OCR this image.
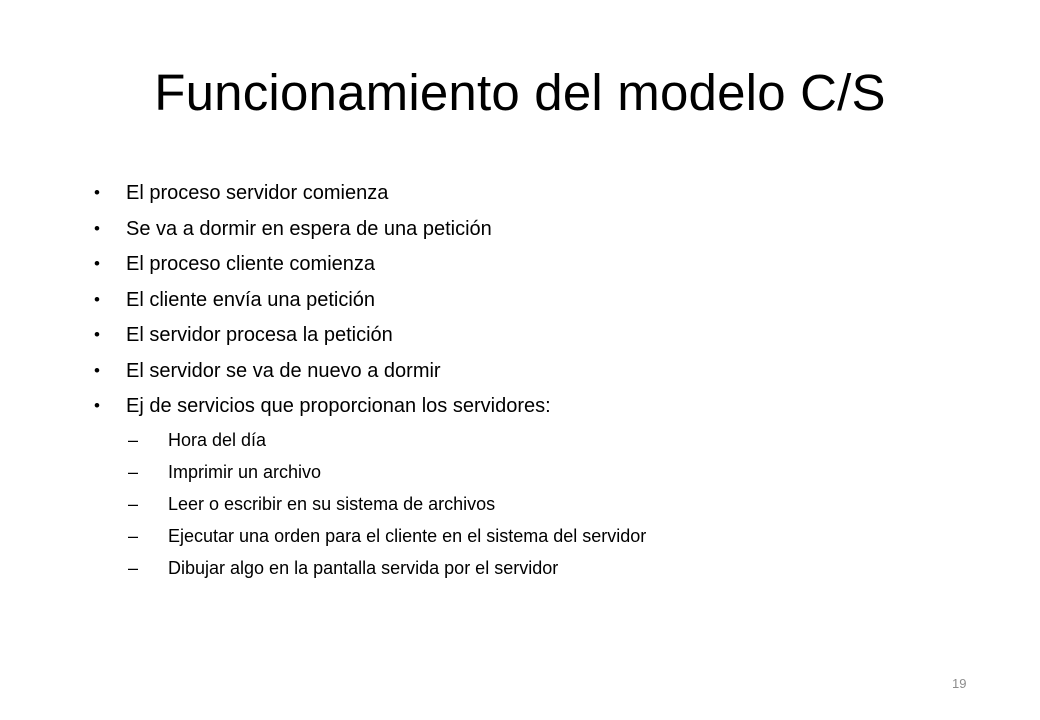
Funcionamiento del modelo C/S
• El proceso servidor comienza
• Se va a dormir en espera de una petición
• El proceso cliente comienza
• El cliente envía una petición
• El servidor procesa la petición
• El servidor se va de nuevo a dormir
• Ej de servicios que proporcionan los servidores:
– Hora del día
– Imprimir un archivo
– Leer o escribir en su sistema de archivos
– Ejecutar una orden para el cliente en el sistema del servidor
– Dibujar algo en la pantalla servida por el servidor
19
